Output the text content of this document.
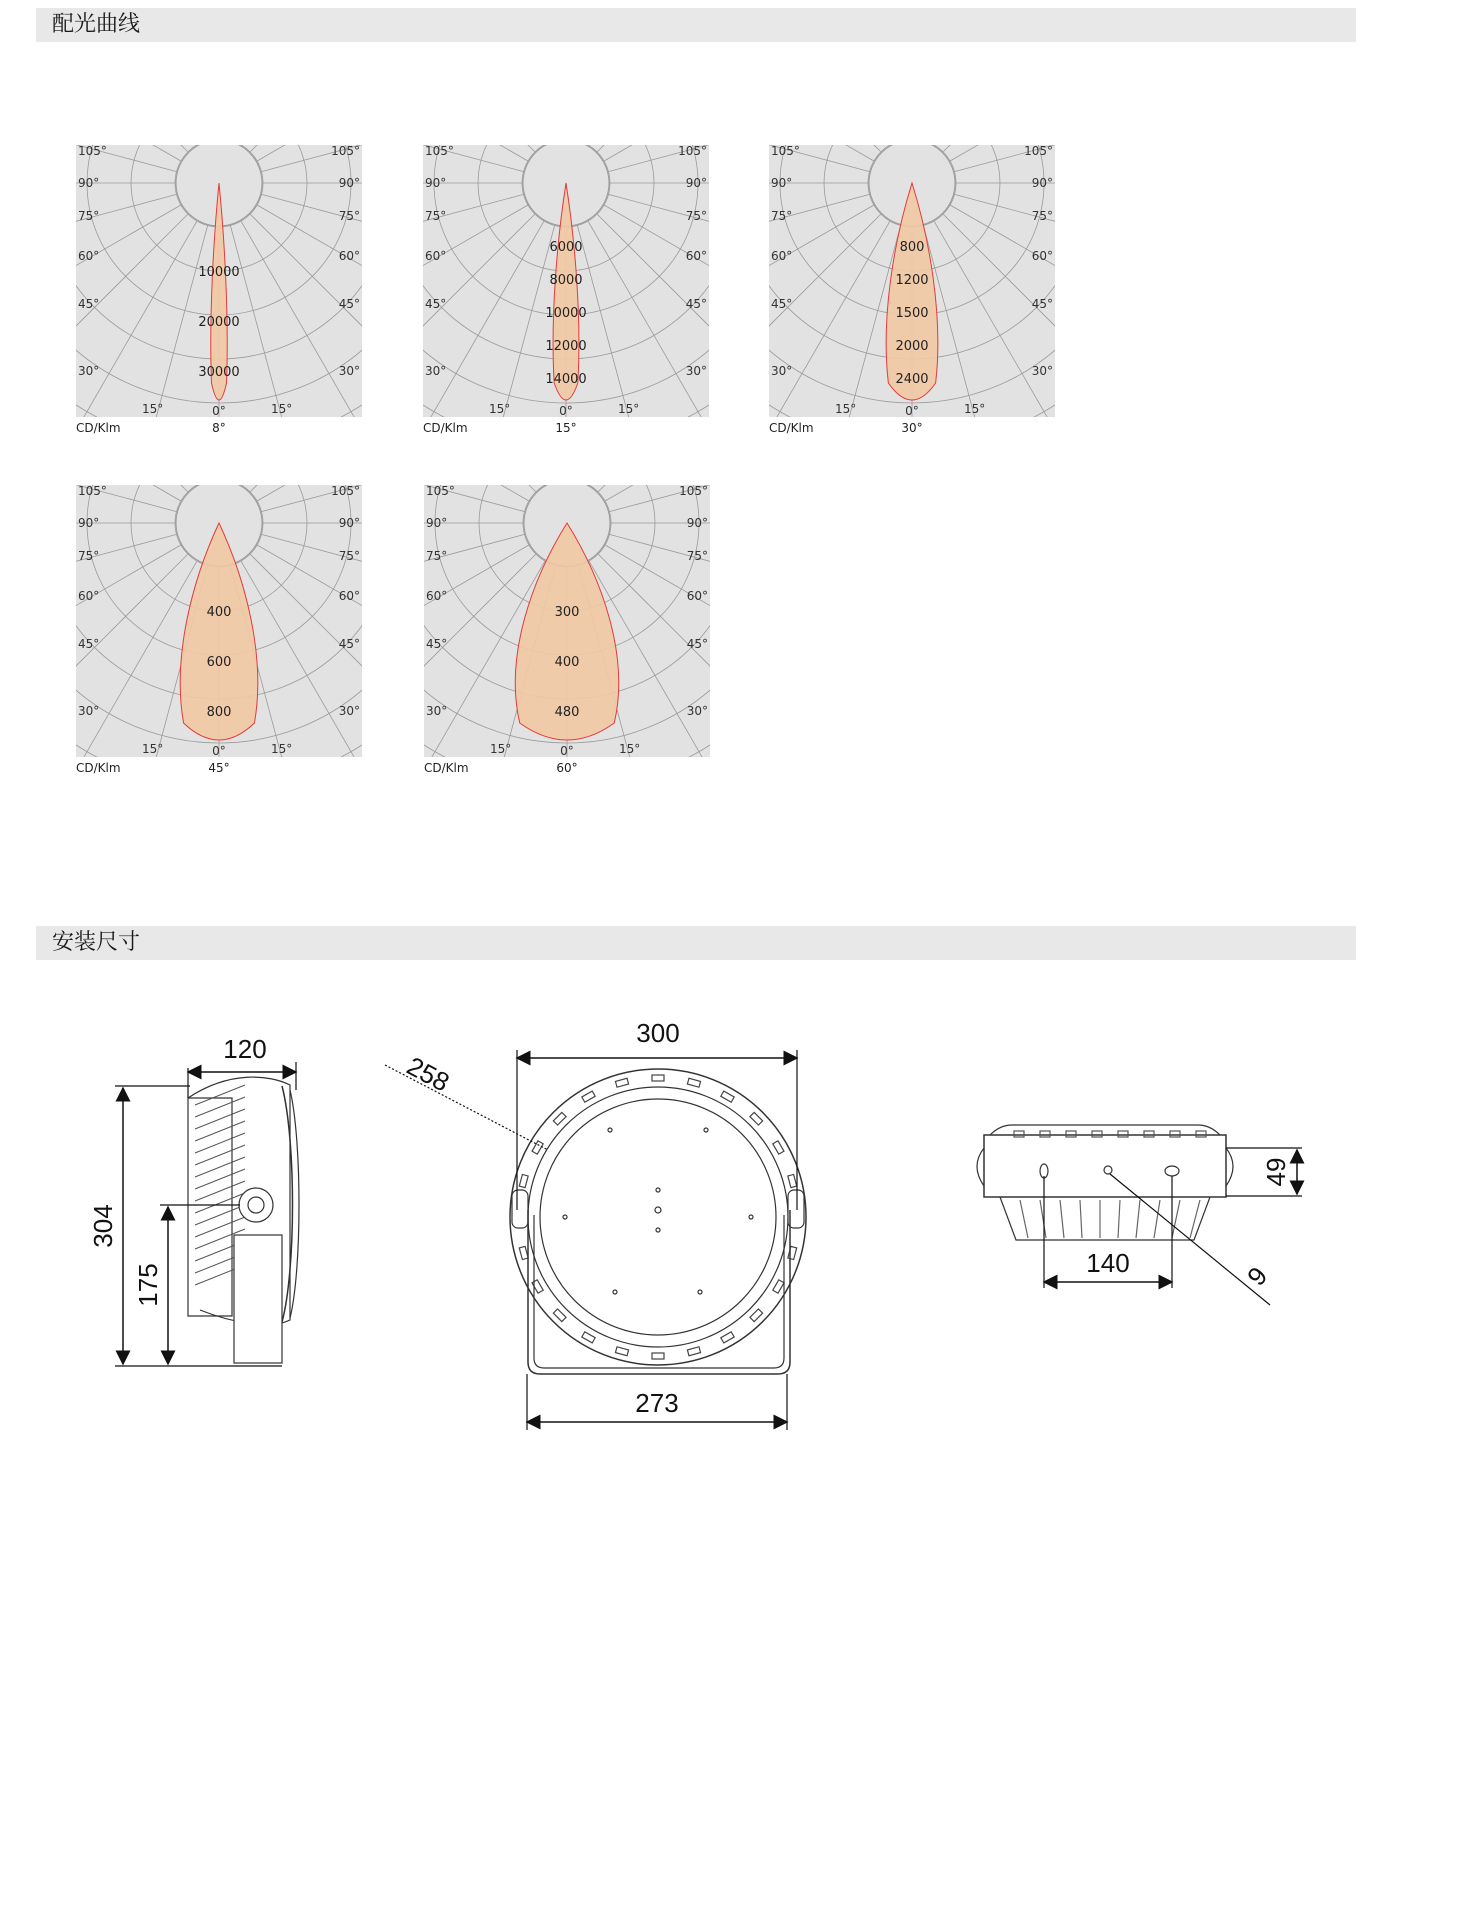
配光曲线
10000
20000
30000
105°
90°
75°
60°
45°
30°
105°
90°
75°
60°
45°
30°
15°	15°
0°
CD/Klm	8°
6000
8000
10000
12000
14000
105°
90°
75°
60°
45°
30°
105°
90°
75°
60°
45°
30°
15°	15°
0°
CD/Klm	15°
800
1200
1500
2000
2400
105°
90°
75°
60°
45°
30°
105°
90°
75°
60°
45°
30°
15°	15°
0°
CD/Klm	30°
400
600
800
105°
90°
75°
60°
45°
30°
105°
90°
75°
60°
45°
30°
15°	15°
0°
CD/Klm	45°
300
400
480
105°
90°
75°
60°
45°
30°
105°
90°
75°
60°
45°
30°
15°	15°
0°
CD/Klm	60°
安装尺寸
120
304
175
300
258
273
140
49
9
